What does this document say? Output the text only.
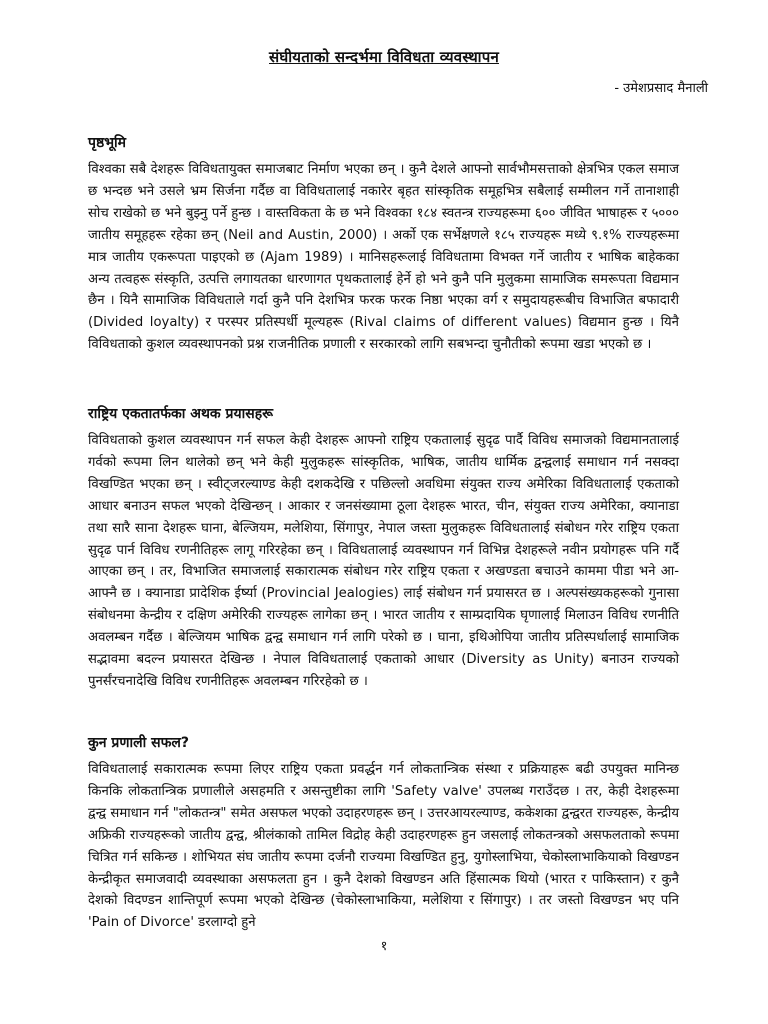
संघीयताको सन्दर्भमा विविधता व्यवस्थापन
- उमेशप्रसाद मैनाली
पृष्ठभूमि

विश्वका सबै देशहरू विविधतायुक्त समाजबाट निर्माण भएका छन् । कुनै देशले आफ्नो सार्वभौमसत्ताको क्षेत्रभित्र एकल समाज छ भन्दछ भने उसले भ्रम सिर्जना गर्दैछ वा विविधतालाई नकारेर बृहत सांस्कृतिक समूहभित्र सबैलाई सम्मीलन गर्ने तानाशाही सोच राखेको छ भने बुझ्नु पर्ने हुन्छ । वास्तविकता के छ भने विश्वका १८४ स्वतन्त्र राज्यहरूमा ६०० जीवित भाषाहरू र ५००० जातीय समूहहरू रहेका छन् (Neil and Austin, 2000) । अर्को एक सर्भेक्षणले १८५ राज्यहरू मध्ये ९.१% राज्यहरूमा मात्र जातीय एकरूपता पाइएको छ (Ajam 1989) । मानिसहरूलाई विविधतामा विभक्त गर्ने जातीय र भाषिक बाहेकका अन्य तत्वहरू संस्कृति, उत्पत्ति लगायतका धारणागत पृथकतालाई हेर्ने हो भने कुनै पनि मुलुकमा सामाजिक समरूपता विद्यमान छैन । यिनै सामाजिक विविधताले गर्दा कुनै पनि देशभित्र फरक फरक निष्ठा भएका वर्ग र समुदायहरूबीच विभाजित बफादारी (Divided loyalty) र परस्पर प्रतिस्पर्धी मूल्यहरू (Rival claims of different values) विद्यमान हुन्छ । यिनै विविधताको कुशल व्यवस्थापनको प्रश्न राजनीतिक प्रणाली र सरकारको लागि सबभन्दा चुनौतीको रूपमा खडा भएको छ ।

राष्ट्रिय एकतातर्फका अथक प्रयासहरू

विविधताको कुशल व्यवस्थापन गर्न सफल केही देशहरू आफ्नो राष्ट्रिय एकतालाई सुदृढ पार्दै विविध समाजको विद्यमानतालाई गर्वको रूपमा लिन थालेको छन् भने केही मुलुकहरू सांस्कृतिक, भाषिक, जातीय धार्मिक द्वन्द्वलाई समाधान गर्न नसक्दा विखण्डित भएका छन् । स्वीट्जरल्याण्ड केही दशकदेखि र पछिल्लो अवधिमा संयुक्त राज्य अमेरिका विविधतालाई एकताको आधार बनाउन सफल भएको देखिन्छन् । आकार र जनसंख्यामा ठूला देशहरू भारत, चीन, संयुक्त राज्य अमेरिका, क्यानाडा तथा सारै साना देशहरू घाना, बेल्जियम, मलेशिया, सिंगापुर, नेपाल जस्ता मुलुकहरू विविधतालाई संबोधन गरेर राष्ट्रिय एकता सुदृढ पार्न विविध रणनीतिहरू लागू गरिरहेका छन् । विविधतालाई व्यवस्थापन गर्न विभिन्न देशहरूले नवीन प्रयोगहरू पनि गर्दै आएका छन् । तर, विभाजित समाजलाई सकारात्मक संबोधन गरेर राष्ट्रिय एकता र अखण्डता बचाउने काममा पीडा भने आ-आफ्नै छ । क्यानाडा प्रादेशिक ईर्ष्या (Provincial Jealogies) लाई संबोधन गर्न प्रयासरत छ । अल्पसंख्यकहरूको गुनासा संबोधनमा केन्द्रीय र दक्षिण अमेरिकी राज्यहरू लागेका छन् । भारत जातीय र साम्प्रदायिक घृणालाई मिलाउन विविध रणनीति अवलम्बन गर्दैछ । बेल्जियम भाषिक द्वन्द्व समाधान गर्न लागि परेको छ । घाना, इथिओपिया जातीय प्रतिस्पर्धालाई सामाजिक सद्भावमा बदल्न प्रयासरत देखिन्छ । नेपाल विविधतालाई एकताको आधार (Diversity as Unity) बनाउन राज्यको पुनर्संरचनादेखि विविध रणनीतिहरू अवलम्बन गरिरहेको छ ।

कुन प्रणाली सफल?

विविधतालाई सकारात्मक रूपमा लिएर राष्ट्रिय एकता प्रवर्द्धन गर्न लोकतान्त्रिक संस्था र प्रक्रियाहरू बढी उपयुक्त मानिन्छ किनकि लोकतान्त्रिक प्रणालीले असहमति र असन्तुष्टीका लागि 'Safety valve' उपलब्ध गराउँदछ । तर, केही देशहरूमा द्वन्द्व समाधान गर्न "लोकतन्त्र" समेत असफल भएको उदाहरणहरू छन् । उत्तरआयरल्याण्ड, ककेशका द्वन्द्वरत राज्यहरू, केन्द्रीय अफ्रिकी राज्यहरूको जातीय द्वन्द्व, श्रीलंकाको तामिल विद्रोह केही उदाहरणहरू हुन जसलाई लोकतन्त्रको असफलताको रूपमा चित्रित गर्न सकिन्छ । शोभियत संघ जातीय रूपमा दर्जनौ राज्यमा विखण्डित हुनु, युगोस्लाभिया, चेकोस्लाभाकियाको विखण्डन केन्द्रीकृत समाजवादी व्यवस्थाका असफलता हुन । कुनै देशको विखण्डन अति हिंसात्मक थियो (भारत र पाकिस्तान) र कुनै देशको विदण्डन शान्तिपूर्ण रूपमा भएको देखिन्छ (चेकोस्लाभाकिया, मलेशिया र सिंगापुर) । तर जस्तो विखण्डन भए पनि 'Pain of Divorce' डरलाग्दो हुने

१
